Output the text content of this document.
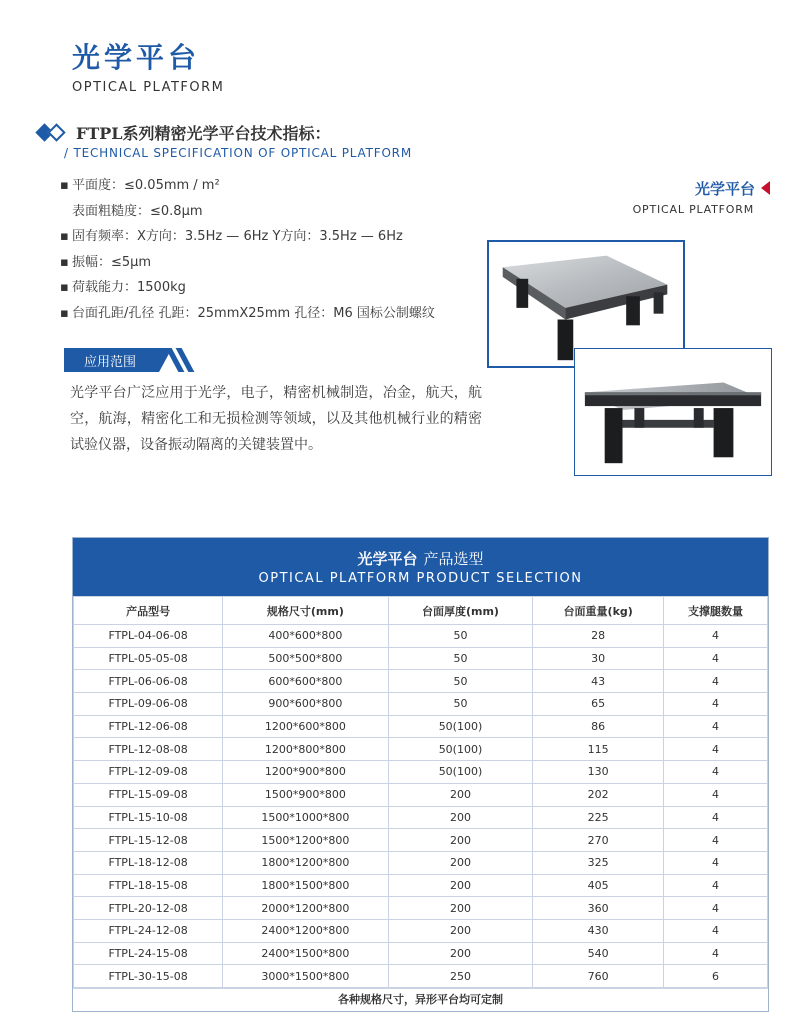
光学平台
OPTICAL PLATFORM
FTPL系列精密光学平台技术指标：
/ TECHNICAL SPECIFICATION OF OPTICAL PLATFORM
▪ 平面度：≤0.05mm / m²
表面粗糙度：≤0.8μm
▪ 固有频率：X方向：3.5Hz — 6Hz Y方向：3.5Hz — 6Hz
▪ 振幅：≤5μm
▪ 荷载能力：1500kg
▪ 台面孔距/孔径 孔距：25mmX25mm 孔径：M6 国标公制螺纹
应用范围

光学平台广泛应用于光学，电子，精密机械制造，冶金，航天，航空，航海，精密化工和无损检测等领域，以及其他机械行业的精密试验仪器，设备振动隔离的关键装置中。

光学平台
OPTICAL PLATFORM
光学平台 产品选型
OPTICAL PLATFORM PRODUCT SELECTION
产品型号	规格尺寸(mm)	台面厚度(mm)	台面重量(kg)	支撑腿数量
FTPL-04-06-08	400*600*800	50	28	4
FTPL-05-05-08	500*500*800	50	30	4
FTPL-06-06-08	600*600*800	50	43	4
FTPL-09-06-08	900*600*800	50	65	4
FTPL-12-06-08	1200*600*800	50(100)	86	4
FTPL-12-08-08	1200*800*800	50(100)	115	4
FTPL-12-09-08	1200*900*800	50(100)	130	4
FTPL-15-09-08	1500*900*800	200	202	4
FTPL-15-10-08	1500*1000*800	200	225	4
FTPL-15-12-08	1500*1200*800	200	270	4
FTPL-18-12-08	1800*1200*800	200	325	4
FTPL-18-15-08	1800*1500*800	200	405	4
FTPL-20-12-08	2000*1200*800	200	360	4
FTPL-24-12-08	2400*1200*800	200	430	4
FTPL-24-15-08	2400*1500*800	200	540	4
FTPL-30-15-08	3000*1500*800	250	760	6
各种规格尺寸，异形平台均可定制
